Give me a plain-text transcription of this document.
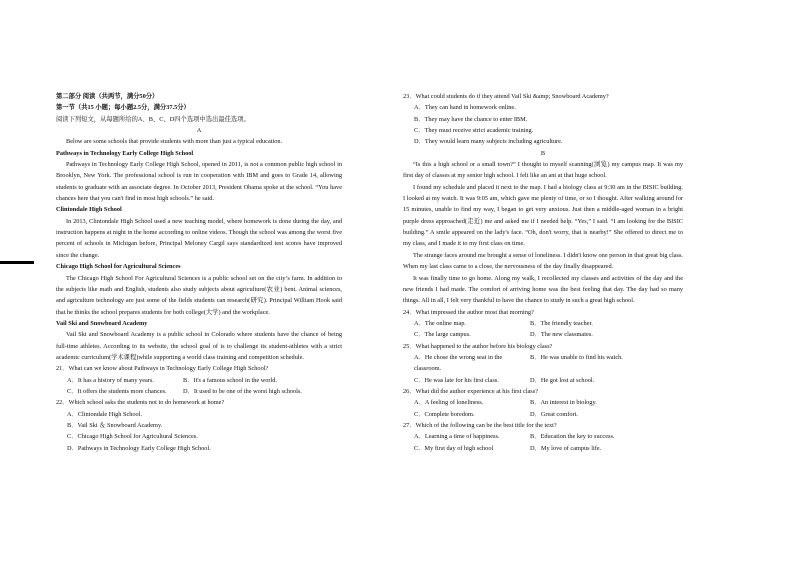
第二部分 阅读（共两节，满分50分）

第一节（共15 小题；每小题2.5分，满分37.5分）

阅读下列短文，从每题所给的A、B、C、D四个选项中选出最佳选项。

A

Below are some schools that provide students with more than just a typical education.

Pathways in Technology Early College High School

Pathways in Technology Early College High School, opened in 2011, is not a common public high school in Brooklyn, New York. The professional school is run in cooperation with IBM and goes to Grade 14, allowing students to graduate with an associate degree. In October 2013, President Obama spoke at the school. “You have chances here that you can't find in most high schools.” he said.

Clintondale High School

In 2013, Clintondale High School used a new teaching model, where homework is done during the day, and instruction happens at night in the home according to online videos. Though the school was among the worst five percent of schools in Michigan before, Principal Meloney Cargil says standardized test scores have improved since the change.

Chicago High School for Agricultural Sciences

The Chicago High School For Agricultural Sciences is a public school set on the city’s farm. In addition to the subjects like math and English, students also study subjects about agriculture(农业) bent. Animal sciences, and agriculture technology are just some of the fields students can research(研究). Principal William Hook said that he thinks the school prepares students for both college(大学) and the workplace.

Vail Ski and Snowboard Academy

Vail Ski and Snowboard Academy is a public school in Colorado where students have the chance of being full-time athletes. According to its website, the school goal of is to challenge its student-athletes with a strict academic curriculum(学术课程)while supporting a world class training and competition schedule.

21．What can we know about Pathways in Technology Early College High School?

A．It has a history of many years.	B．It's a famous school in the world.
C．It offers the students more chances.	D．It used to be one of the worst high schools.

22．Which school asks the students not to do homework at home?

A．Clintondale High School.

B．Vail Ski ＆ Snowboard Academy.

C．Chicago High School for Agricultural Sciences.

D．Pathways in Technology Early College High School.

23．What could students do if they attend Vail Ski &amp; Snowboard Academy?

A．They can hand in homework online.

B．They may have the chance to enter IBM.

C．They must receive strict academic training.

D．They would learn many subjects including agriculture.

B

“Is this a high school or a small town?” I thought to myself scanning(浏览) my campus map. It was my first day of classes at my senior high school. I felt like an ant at that huge school.

I found my schedule and placed it next to the map. I had a biology class at 9:30 am in the BISIC building. I looked at my watch. It was 9:05 am, which gave me plenty of time, or so I thought. After walking around for 15 minutes, unable to find my way, I began to get very anxious. Just then a middle-aged woman in a bright purple dress approached(走近) me and asked me if I needed help. “Yes,” I said. “I am looking for the BISIC building.” A smile appeared on the lady's face. “Oh, don't worry, that is nearby!” She offered to direct me to my class, and I made it to my first class on time.

The strange faces around me brought a sense of loneliness. I didn't know one person in that great big class. When my last class came to a close, the nervousness of the day finally disappeared.

It was finally time to go home. Along my walk, I recollected my classes and activities of the day and the new friends I had made. The comfort of arriving home was the best feeling that day. The day had so many things. All in all, I felt very thankful to have the chance to study in such a great high school.

24．What impressed the author most that morning?

A．The online map.	B．The friendly teacher.
C．The large campus.	D．The new classmates.

25．What happened to the author before his biology class?

A．He chose the wrong seat in the classroom.
B．He was unable to find his watch.
C．He was late for his first class.	D．He got lost at school.

26．What did the author experience at his first class?

A．A feeling of loneliness.	B．An interest in biology.
C．Complete boredom.	D．Great comfort.

27．Which of the following can be the best title for the text?

A．Learning a time of happiness.	B．Education the key to success.
C．My first day of high school	D．My love of campus life.
